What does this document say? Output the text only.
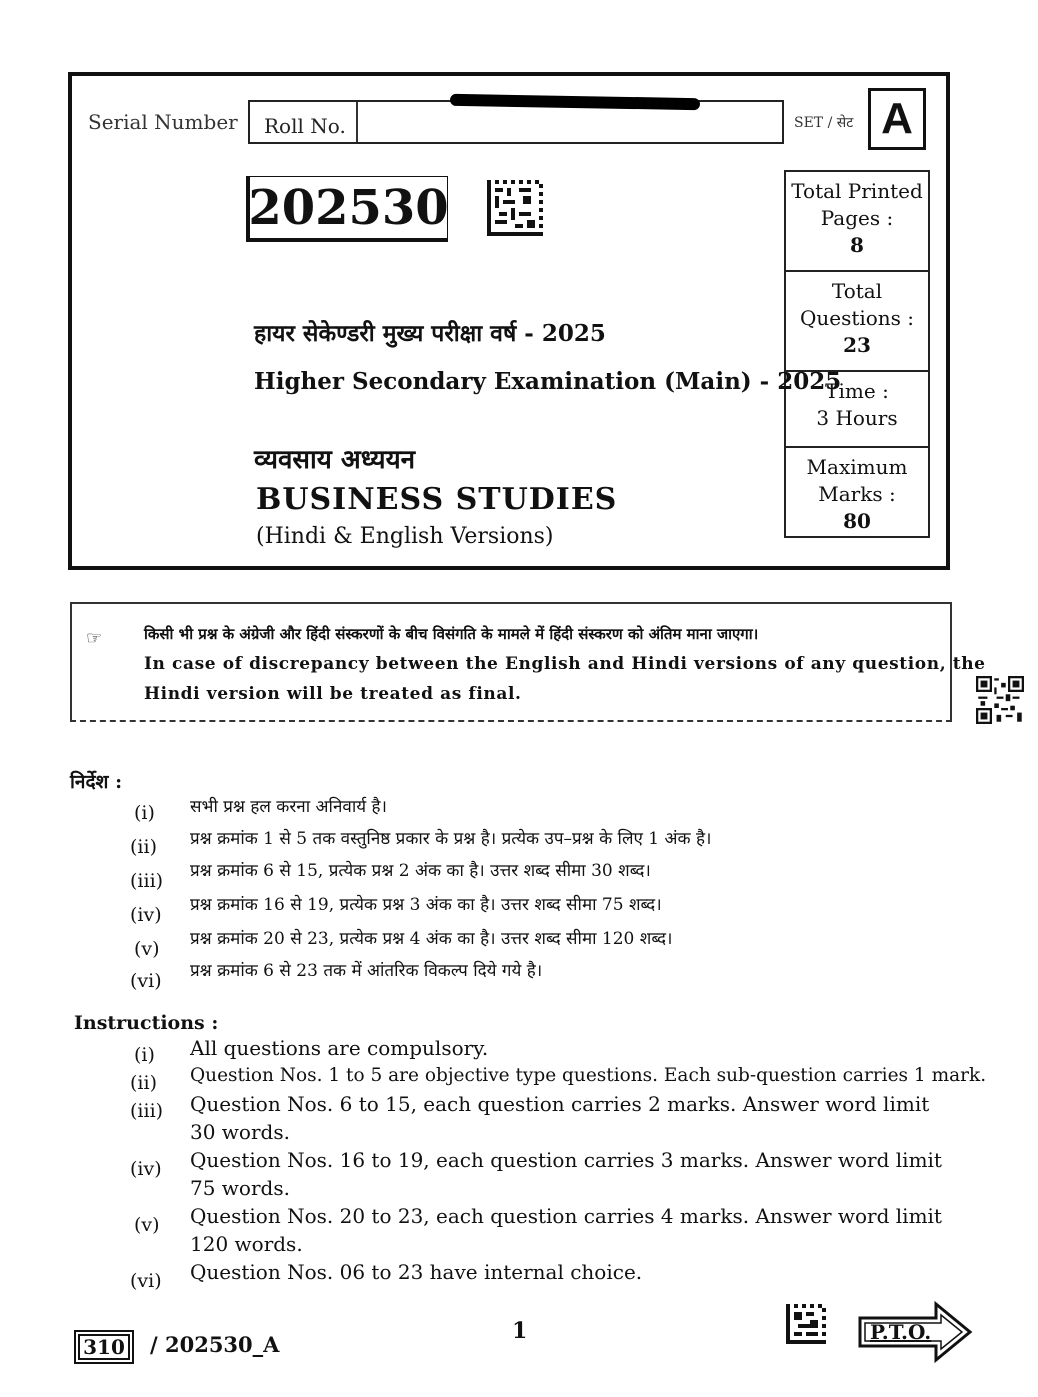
Serial Number Roll No.	SET / सेट A
202530	Total Printed Pages :
8
Total Questions :
23
Time :
3 Hours
Maximum Marks :
80
हायर सेकेण्डरी मुख्य परीक्षा वर्ष - 2025
Higher Secondary Examination (Main) - 2025
व्यवसाय अध्ययन
BUSINESS STUDIES
(Hindi & English Versions)
☞	किसी भी प्रश्न के अंग्रेजी और हिंदी संस्करणों के बीच विसंगति के मामले में हिंदी संस्करण को अंतिम माना जाएगा।
In case of discrepancy between the English and Hindi versions of any question, the
Hindi version will be treated as final.
निर्देश :
(i) सभी प्रश्न हल करना अनिवार्य है।
(ii) प्रश्न क्रमांक 1 से 5 तक वस्तुनिष्ठ प्रकार के प्रश्न है। प्रत्येक उप–प्रश्न के लिए 1 अंक है।
(iii) प्रश्न क्रमांक 6 से 15, प्रत्येक प्रश्न 2 अंक का है। उत्तर शब्द सीमा 30 शब्द।
(iv) प्रश्न क्रमांक 16 से 19, प्रत्येक प्रश्न 3 अंक का है। उत्तर शब्द सीमा 75 शब्द।
(v) प्रश्न क्रमांक 20 से 23, प्रत्येक प्रश्न 4 अंक का है। उत्तर शब्द सीमा 120 शब्द।
(vi) प्रश्न क्रमांक 6 से 23 तक में आंतरिक विकल्प दिये गये है।
Instructions :
(i) All questions are compulsory.
(ii) Question Nos. 1 to 5 are objective type questions. Each sub-question carries 1 mark.
(iii) Question Nos. 6 to 15, each question carries 2 marks. Answer word limit
30 words.
(iv) Question Nos. 16 to 19, each question carries 3 marks. Answer word limit
75 words.
(v) Question Nos. 20 to 23, each question carries 4 marks. Answer word limit
120 words.
(vi) Question Nos. 06 to 23 have internal choice.
310	/ 202530_A
1	P.T.O.
